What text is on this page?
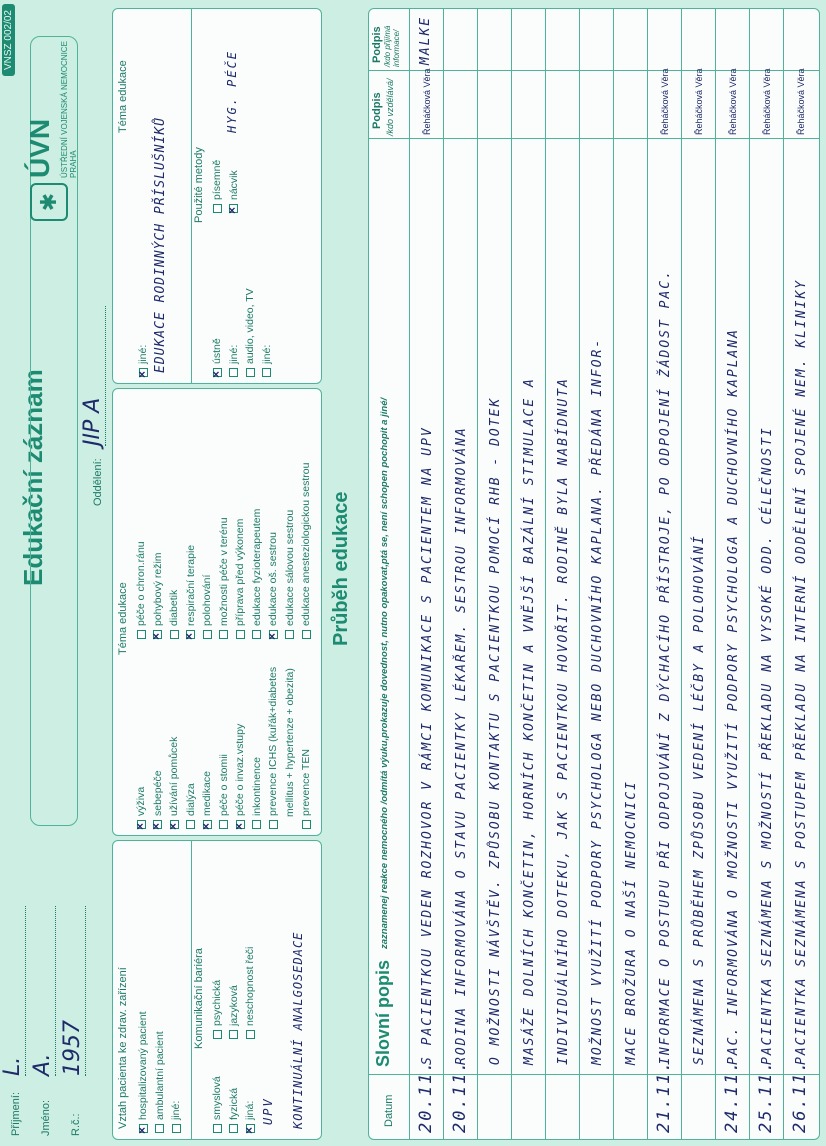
VNSZ 002/02
Příjmení:
L.
Jméno:
A.
R.č.:
1957
Edukační záznam	Oddělení:
JIP A
✱
ÚVN ÚSTŘEDNÍ VOJENSKÁ NEMOCNICE PRAHA
Vztah pacienta ke zdrav. zařízení
× hospitalizovaný pacient ambulantní pacient jiné:
Komunikační bariéra
smyslová fyzická
× jiná:
psychická jazyková neschopnost řeči
UPV KONTINUÁLNÍ ANALGOSEDACE
Téma edukace
×výživa
× sebepéče
× užívání pomůcek dialýza
× medikace péče o stomii
× péče o invaz.vstupy inkontinence prevence ICHS (kuřák+diabetes mellitus + hypertenze + obezita) prevence TEN
péče o chron.ránu
× pohybový režim diabetik
× respirační terapie polohování možnosti péče v terénu příprava před výkonem edukace fyzioterapeutem
× edukace oš. sestrou edukace sálovou sestrou edukace anesteziologickou sestrou
Téma edukace
×jiné: EDUKACE RODINNÝCH PŘÍSLUŠNÍKŮ Použité metody
×ústně jiné: audio, video, TV jiné:
písemně
× nácvik
HYG. PÉČE
Průběh edukace
Datum
Slovní popis
zaznamenej reakce nemocného /odmítá výuku,prokazuje dovednost, nutno opakovat,ptá se, není schopen pochopit a jiné/
Podpis /kdo vzdělává/
Podpis /kdo přijímá informace/
20.11.
S PACIENTKOU VEDEN ROZHOVOR V RÁMCI KOMUNIKACE S PACIENTEM NA UPV
Řeháčková Věra
MALKE
20.11.
RODINA INFORMOVÁNA O STAVU PACIENTKY LÉKAŘEM. SESTROU INFORMOVÁNA O MOŽNOSTI NÁVŠTĚV. ZPŮSOBU KONTAKTU S PACIENTKOU POMOCÍ RHB - DOTEK MASÁŽE DOLNÍCH KONČETIN, HORNÍCH KONČETIN A VNĚJŠÍ BAZÁLNÍ STIMULACE A INDIVIDUÁLNÍHO DOTEKU, JAK S PACIENTKOU HOVOŘIT. RODINĚ BYLA NABÍDNUTA MOŽNOST VYUŽITÍ PODPORY PSYCHOLOGA NEBO DUCHOVNÍHO KAPLANA. PŘEDÁNA INFOR- MACE BROŽURA O NAŠÍ NEMOCNICI
21.11.
INFORMACE O POSTUPU PŘI ODPOJOVÁNÍ Z DÝCHACÍHO PŘÍSTROJE, PO ODPOJENÍ ŽÁDOST PAC.
Řeháčková Věra
SEZNÁMENA S PRŮBĚHEM ZPŮSOBU VEDENÍ LÉČBY A POLOHOVÁNÍ
Řeháčková Věra
24.11.
PAC. INFORMOVÁNA O MOŽNOSTI VYUŽITÍ PODPORY PSYCHOLOGA A DUCHOVNÍHO KAPLANA
Řeháčková Věra
25.11.
PACIENTKA SEZNÁMENA S MOŽNOSTÍ PŘEKLADU NA VYSOKÉ ODD. CÉLEČNOSTI
Řeháčková Věra
26.11.
PACIENTKA SEZNÁMENA S POSTUPEM PŘEKLADU NA INTERNÍ ODDĚLENÍ SPOJENÉ NEM. KLINIKY
Řeháčková Věra
